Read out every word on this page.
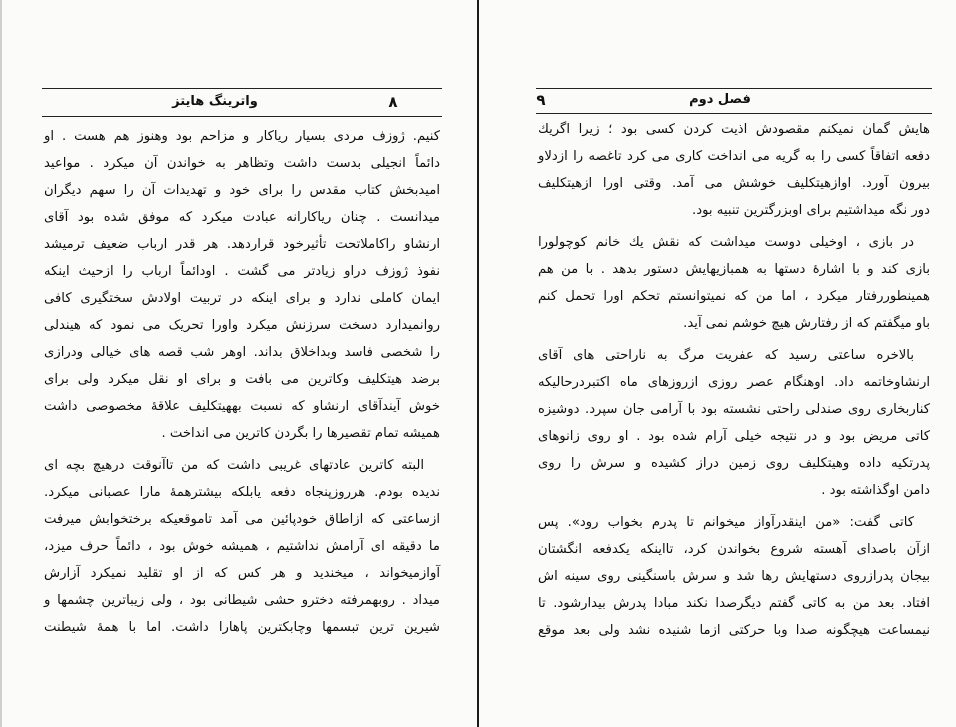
واترینگ هایتز	۸
کنیم. ژوزف مردی بسیار ریاکار و مزاحم بود وهنوز هم هست . او
دائماً انجیلی بدست داشت وتظاهر به خواندن آن میکرد . مواعید
امیدبخش کتاب مقدس را برای خود و تهدیدات آن را سهم دیگران
میدانست . چنان ریاکارانه عبادت میکرد که موفق شده بود آقای
ارنشاو راکاملاتحت تأثیرخود قراردهد. هر قدر ارباب ضعیف ترمیشد
نفوذ ژوزف دراو زیادتر می گشت . اودائماً ارباب را ازحیث اینکه
ایمان کاملی ندارد و برای اینکه در تربیت اولادش سختگیری کافی
روانمیدارد دسخت سرزنش میکرد واورا تحریک می نمود که هیندلی
را شخصی فاسد وبداخلاق بداند. اوهر شب قصه های خیالی ودرازی
برضد هیتکلیف وکاترین می بافت و برای او نقل میکرد ولی برای
خوش آیندآقای ارنشاو که نسبت بههیتکلیف علاقهٔ مخصوصی داشت
همیشه تمام تقصیرها را بگردن کاترین می انداخت .
البته کاترین عادتهای غریبی داشت که من تاآنوقت درهیچ بچه ای
ندیده بودم. هرروزپنجاه دفعه یابلکه بیشترهمهٔ مارا عصبانی میکرد.
ازساعتی که ازاطاق خودپائین می آمد تاموقعیکه برختخوابش میرفت
ما دقیقه ای آرامش نداشتیم ، همیشه خوش بود ، دائماً حرف میزد،
آوازمیخواند ، میخندید و هر کس که از او تقلید نمیکرد آزارش
میداد . روبهمرفته دخترو حشی شیطانی بود ، ولی زیباترین چشمها و
شیرین ترین تبسمها وچابکترین پاهارا داشت. اما با همهٔ شیطنت
۹	فصل دوم
هایش گمان نمیکنم مقصودش اذیت کردن کسی بود ؛ زیرا اگریك
دفعه اتفاقاً کسی را به گریه می انداخت کاری می کرد تاغصه را ازدلاو
بیرون آورد. اوازهیتکلیف خوشش می آمد. وقتی اورا ازهیتکلیف
دور نگه میداشتیم برای اوبزرگترین تنبیه بود.
در بازی ، اوخیلی دوست میداشت که نقش یك خانم کوچولورا
بازی کند و با اشارهٔ دستها به همبازیهایش دستور بدهد . با من هم
همینطوررفتار میکرد ، اما من که نمیتوانستم تحکم اورا تحمل کنم
باو میگفتم که از رفتارش هیچ خوشم نمی آید.
بالاخره ساعتی رسید که عفریت مرگ به ناراحتی های آقای
ارنشاوخاتمه داد. اوهنگام عصر روزی ازروزهای ماه اکتبردرحالیکه
کناربخاری روی صندلی راحتی نشسته بود با آرامی جان سپرد. دوشیزه
کاتی مریض بود و در نتیجه خیلی آرام شده بود . او روی زانوهای
پدرتکیه داده وهیتکلیف روی زمین دراز کشیده و سرش را روی
دامن اوگذاشته بود .
کاتی گفت: «من اینقدرآواز میخوانم تا پدرم بخواب رود». پس
ازآن باصدای آهسته شروع بخواندن کرد، تااینکه یکدفعه انگشتان
بیجان پدرازروی دستهایش رها شد و سرش باسنگینی روی سینه اش
افتاد. بعد من به کاتی گفتم دیگرصدا نکند مبادا پدرش بیدارشود. تا
نیمساعت هیچگونه صدا وبا حرکتی ازما شنیده نشد ولی بعد موقع
